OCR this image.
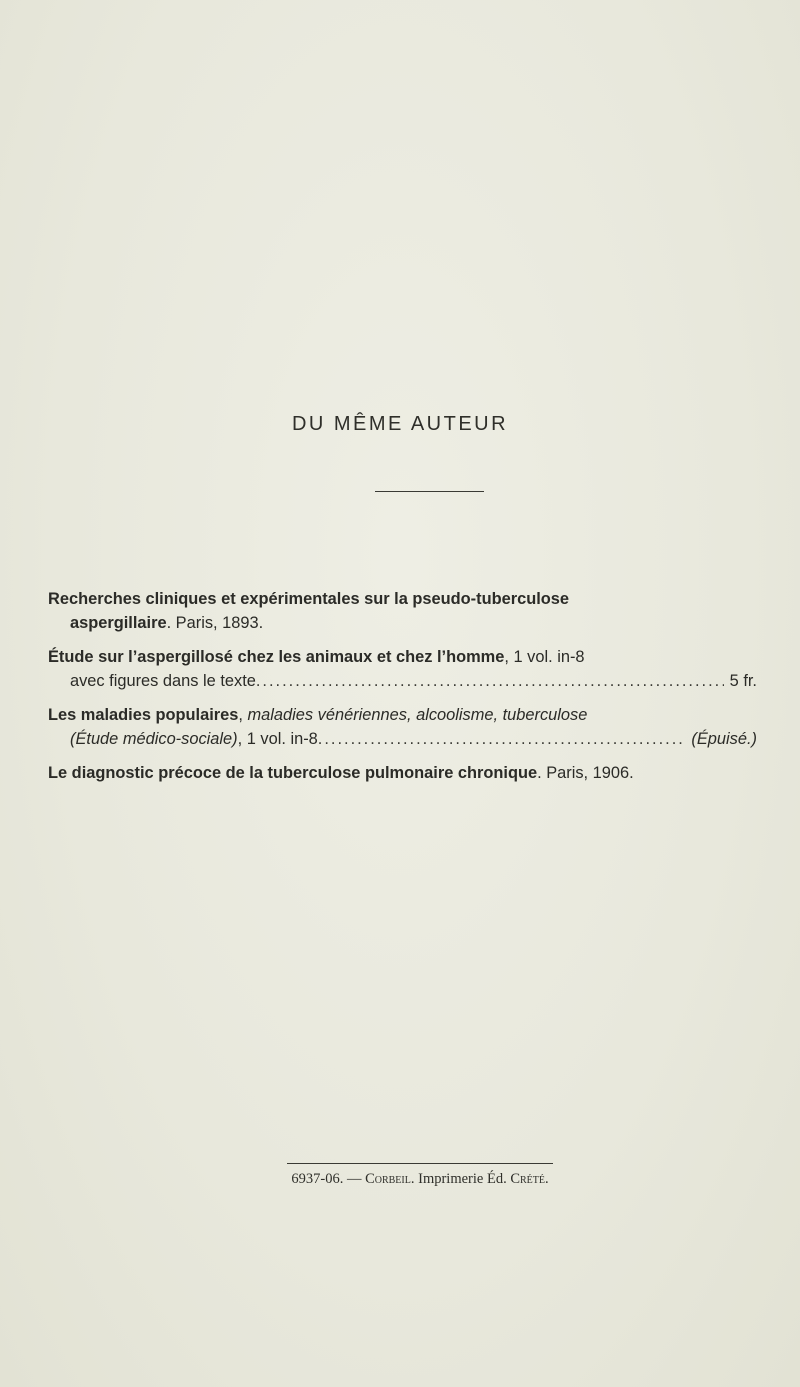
DU MÊME AUTEUR
Recherches cliniques et expérimentales sur la pseudo-tuberculose
aspergillaire. Paris, 1893.
Étude sur l’aspergillosé chez les animaux et chez l’homme, 1 vol. in-8
avec figures dans le texte .....	5 fr.
Les maladies populaires, maladies vénériennes, alcoolisme, tuberculose
(Étude médico-sociale) , 1 vol. in-8 .....	(Épuisé.)
Le diagnostic précoce de la tuberculose pulmonaire chronique. Paris, 1906.
6937-06. — Corbeil. Imprimerie Éd. Crété.
